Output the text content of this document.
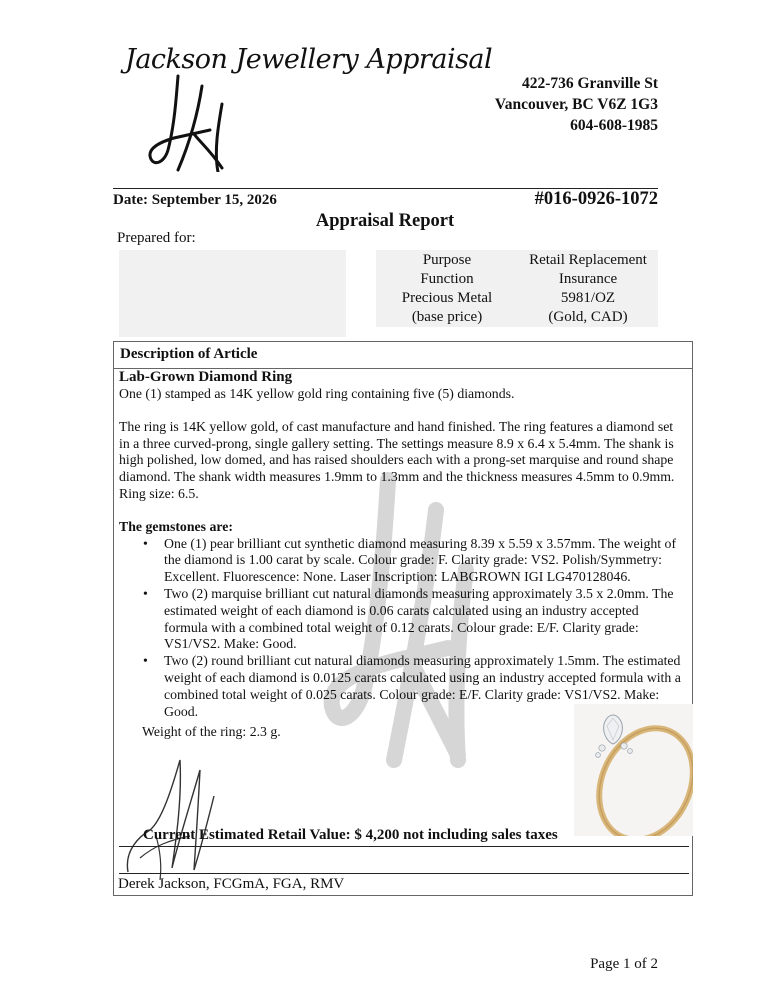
Jackson Jewellery Appraisal
422-736 Granville St
Vancouver, BC V6Z 1G3
604-608-1985
Date: September 15, 2026	#016-0926-1072
Appraisal Report
Prepared for:
Purpose	Retail Replacement
Function	Insurance
Precious Metal	5981/OZ
(base price)	(Gold, CAD)
Description of Article

Lab-Grown Diamond Ring

One (1) stamped as 14K yellow gold ring containing five (5) diamonds.

The ring is 14K yellow gold, of cast manufacture and hand finished. The ring features a diamond set in a three curved-prong, single gallery setting. The settings measure 8.9 x 6.4 x 5.4mm. The shank is high polished, low domed, and has raised shoulders each with a prong-set marquise and round shape diamond. The shank width measures 1.9mm to 1.3mm and the thickness measures 4.5mm to 0.9mm. Ring size: 6.5.

The gemstones are:

• One (1) pear brilliant cut synthetic diamond measuring 8.39 x 5.59 x 3.57mm. The weight of the diamond is 1.00 carat by scale. Colour grade: F. Clarity grade: VS2. Polish/Symmetry: Excellent. Fluorescence: None. Laser Inscription: LABGROWN IGI LG470128046.
• Two (2) marquise brilliant cut natural diamonds measuring approximately 3.5 x 2.0mm. The estimated weight of each diamond is 0.06 carats calculated using an industry accepted formula with a combined total weight of 0.12 carats. Colour grade: E/F. Clarity grade: VS1/VS2. Make: Good.
• Two (2) round brilliant cut natural diamonds measuring approximately 1.5mm. The estimated weight of each diamond is 0.0125 carats calculated using an industry accepted formula with a combined total weight of 0.025 carats. Colour grade: E/F. Clarity grade: VS1/VS2. Make: Good.
Weight of the ring: 2.3 g.
Current Estimated Retail Value: $ 4,200 not including sales taxes
Derek Jackson, FCGmA, FGA, RMV
Page 1 of 2
